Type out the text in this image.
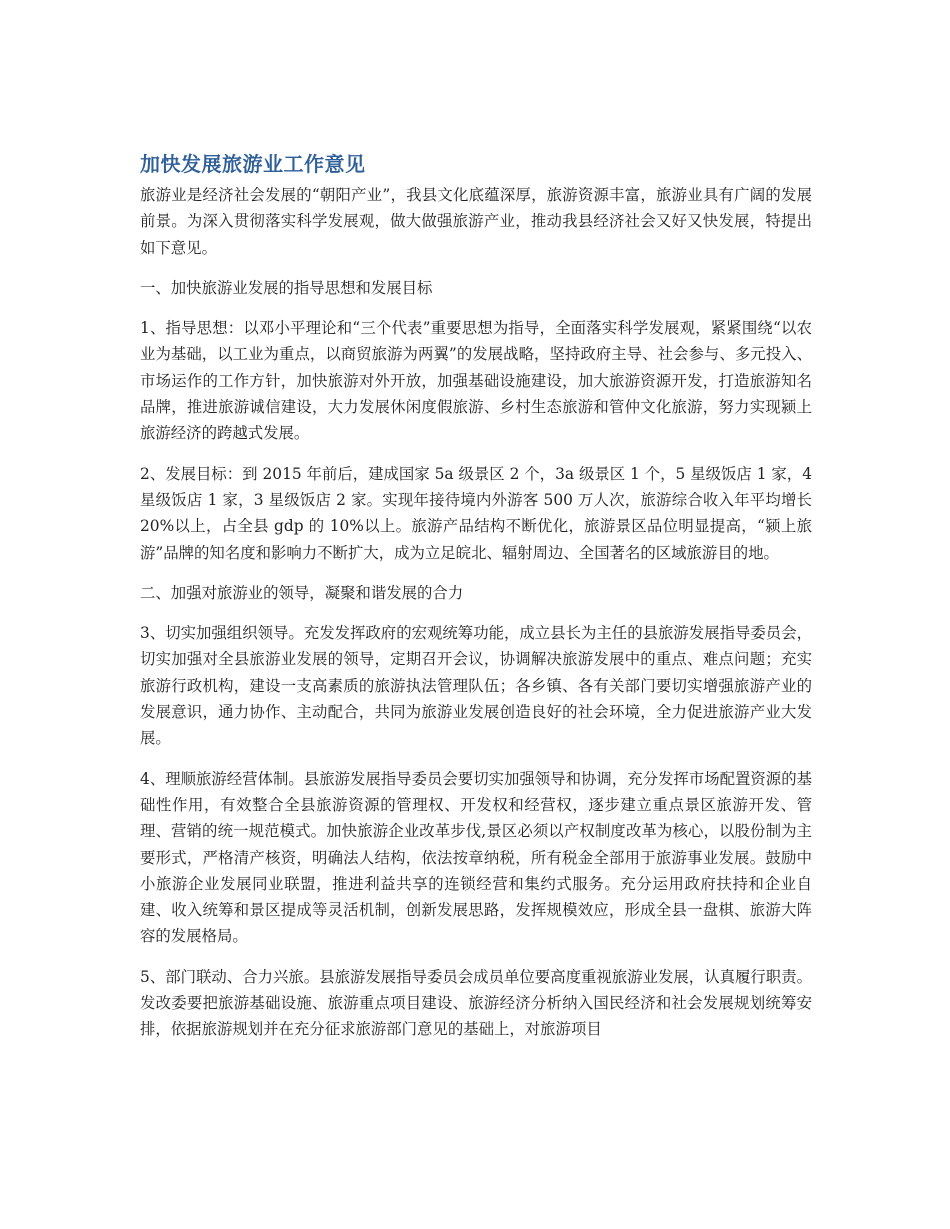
加快发展旅游业工作意见

旅游业是经济社会发展的“朝阳产业”，我县文化底蕴深厚，旅游资源丰富，旅游业具有广阔的发展前景。为深入贯彻落实科学发展观，做大做强旅游产业，推动我县经济社会又好又快发展，特提出如下意见。

一、加快旅游业发展的指导思想和发展目标

1、指导思想：以邓小平理论和“三个代表”重要思想为指导，全面落实科学发展观，紧紧围绕“以农业为基础，以工业为重点，以商贸旅游为两翼”的发展战略，坚持政府主导、社会参与、多元投入、市场运作的工作方针，加快旅游对外开放，加强基础设施建设，加大旅游资源开发，打造旅游知名品牌，推进旅游诚信建设，大力发展休闲度假旅游、乡村生态旅游和管仲文化旅游，努力实现颍上旅游经济的跨越式发展。

2、发展目标：到 2015 年前后，建成国家 5a 级景区 2 个，3a 级景区 1 个，5 星级饭店 1 家，4 星级饭店 1 家，3 星级饭店 2 家。实现年接待境内外游客 500 万人次，旅游综合收入年平均增长 20%以上，占全县 gdp 的 10%以上。旅游产品结构不断优化，旅游景区品位明显提高，“颍上旅游”品牌的知名度和影响力不断扩大，成为立足皖北、辐射周边、全国著名的区域旅游目的地。

二、加强对旅游业的领导，凝聚和谐发展的合力

3、切实加强组织领导。充发发挥政府的宏观统筹功能，成立县长为主任的县旅游发展指导委员会，切实加强对全县旅游业发展的领导，定期召开会议，协调解决旅游发展中的重点、难点问题；充实旅游行政机构，建设一支高素质的旅游执法管理队伍；各乡镇、各有关部门要切实增强旅游产业的发展意识，通力协作、主动配合，共同为旅游业发展创造良好的社会环境，全力促进旅游产业大发展。

4、理顺旅游经营体制。县旅游发展指导委员会要切实加强领导和协调，充分发挥市场配置资源的基础性作用，有效整合全县旅游资源的管理权、开发权和经营权，逐步建立重点景区旅游开发、管理、营销的统一规范模式。加快旅游企业改革步伐,景区必须以产权制度改革为核心，以股份制为主要形式，严格清产核资，明确法人结构，依法按章纳税，所有税金全部用于旅游事业发展。鼓励中小旅游企业发展同业联盟，推进利益共享的连锁经营和集约式服务。充分运用政府扶持和企业自建、收入统筹和景区提成等灵活机制，创新发展思路，发挥规模效应，形成全县一盘棋、旅游大阵容的发展格局。

5、部门联动、合力兴旅。县旅游发展指导委员会成员单位要高度重视旅游业发展，认真履行职责。发改委要把旅游基础设施、旅游重点项目建设、旅游经济分析纳入国民经济和社会发展规划统筹安排，依据旅游规划并在充分征求旅游部门意见的基础上，对旅游项目
